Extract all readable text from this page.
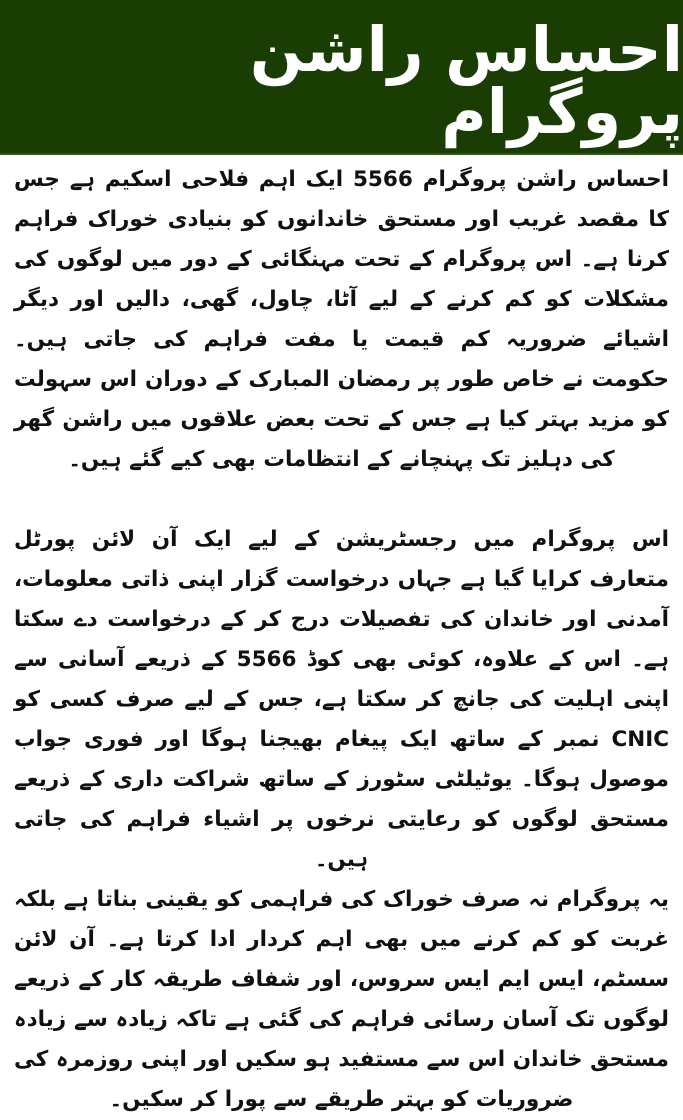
احساس راشن پروگرام

احساس راشن پروگرام 5566 ایک اہم فلاحی اسکیم ہے جس کا مقصد غریب اور مستحق خاندانوں کو بنیادی خوراک فراہم کرنا ہے۔ اس پروگرام کے تحت مہنگائی کے دور میں لوگوں کی مشکلات کو کم کرنے کے لیے آٹا، چاول، گھی، دالیں اور دیگر اشیائے ضروریہ کم قیمت یا مفت فراہم کی جاتی ہیں۔ حکومت نے خاص طور پر رمضان المبارک کے دوران اس سہولت کو مزید بہتر کیا ہے جس کے تحت بعض علاقوں میں راشن گھر کی دہلیز تک پہنچانے کے انتظامات بھی کیے گئے ہیں۔

اس پروگرام میں رجسٹریشن کے لیے ایک آن لائن پورٹل متعارف کرایا گیا ہے جہاں درخواست گزار اپنی ذاتی معلومات، آمدنی اور خاندان کی تفصیلات درج کر کے درخواست دے سکتا ہے۔ اس کے علاوہ، کوئی بھی کوڈ 5566 کے ذریعے آسانی سے اپنی اہلیت کی جانچ کر سکتا ہے، جس کے لیے صرف کسی کو CNIC نمبر کے ساتھ ایک پیغام بھیجنا ہوگا اور فوری جواب موصول ہوگا۔ یوٹیلٹی سٹورز کے ساتھ شراکت داری کے ذریعے مستحق لوگوں کو رعایتی نرخوں پر اشیاء فراہم کی جاتی ہیں۔

یہ پروگرام نہ صرف خوراک کی فراہمی کو یقینی بناتا ہے بلکہ غربت کو کم کرنے میں بھی اہم کردار ادا کرتا ہے۔ آن لائن سسٹم، ایس ایم ایس سروس، اور شفاف طریقہ کار کے ذریعے لوگوں تک آسان رسائی فراہم کی گئی ہے تاکہ زیادہ سے زیادہ مستحق خاندان اس سے مستفید ہو سکیں اور اپنی روزمرہ کی ضروریات کو بہتر طریقے سے پورا کر سکیں۔
